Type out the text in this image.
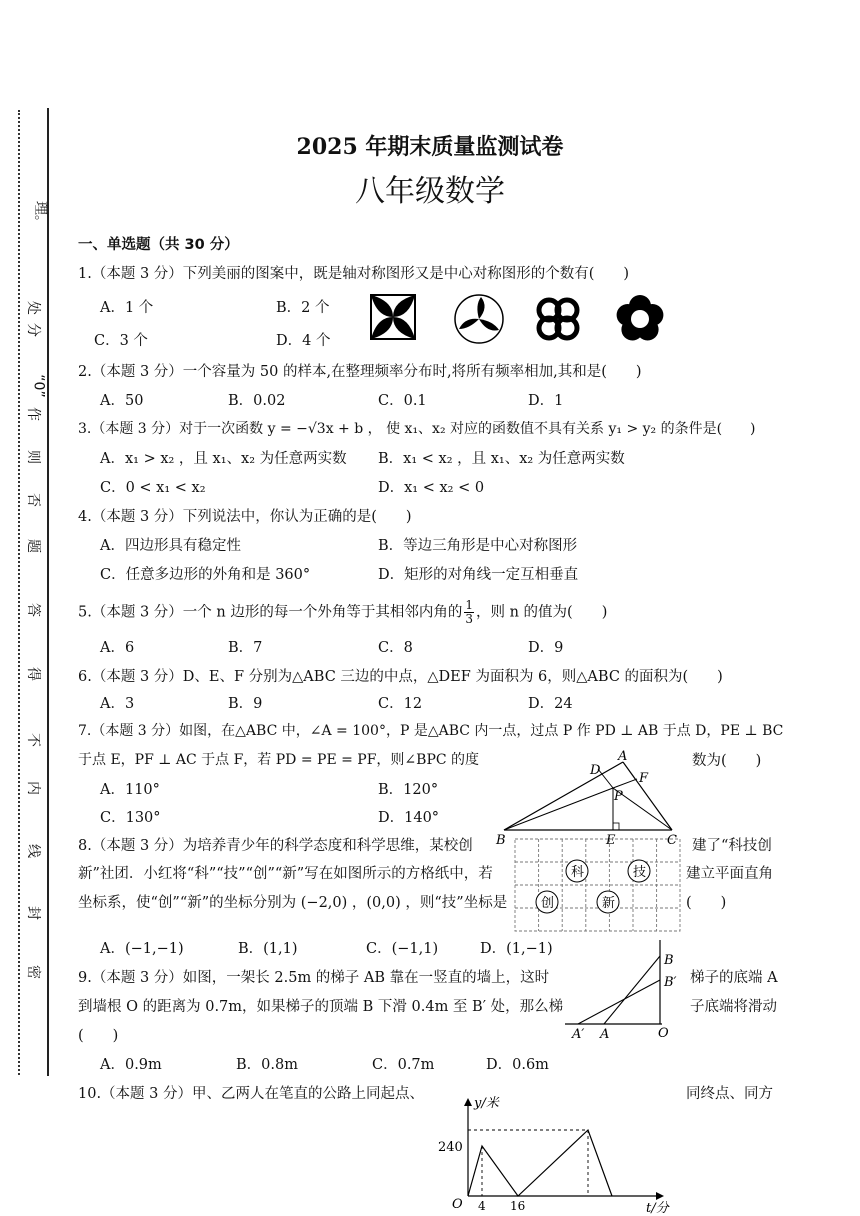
理。
处
分
“0”
作
则
否
题
答
得
不
内
线
封
密
2025 年期末质量监测试卷
八年级数学
一、单选题（共 30 分）
1.（本题 3 分）下列美丽的图案中，既是轴对称图形又是中心对称图形的个数有(　　)
A．1 个	B．2 个
C．3 个	D．4 个
2.（本题 3 分）一个容量为 50 的样本,在整理频率分布时,将所有频率相加,其和是(　　)
A．50	B．0.02	C．0.1	D．1
3.（本题 3 分）对于一次函数 y = −√3x + b ， 使 x₁、x₂ 对应的函数值不具有关系 y₁ > y₂ 的条件是(　　)
A．x₁ > x₂ ，且 x₁、x₂ 为任意两实数 B．x₁ < x₂ ，且 x₁、x₂ 为任意两实数
C．0 < x₁ < x₂	D．x₁ < x₂ < 0
4.（本题 3 分）下列说法中，你认为正确的是(　　)
A．四边形具有稳定性	B．等边三角形是中心对称图形
C．任意多边形的外角和是 360°	D．矩形的对角线一定互相垂直
5.（本题 3 分）一个 n 边形的每一个外角等于其相邻内角的 $\frac{1}{3}$ ，则 n 的值为(　　)
A．6	B．7	C．8	D．9
6.（本题 3 分）D、E、F 分别为△ABC 三边的中点，△DEF 为面积为 6，则△ABC 的面积为(　　)
A．3	B．9	C．12	D．24
7.（本题 3 分）如图，在△ABC 中，∠A = 100°，P 是△ABC 内一点，过点 P 作 PD ⊥ AB 于点 D，PE ⊥ BC
于点 E，PF ⊥ AC 于点 F，若 PD = PE = PF，则∠BPC 的度	数为(　　)
A．110°	B．120°
C．130°	D．140°
A
B	C
D
E
F
P
8.（本题 3 分）为培养青少年的科学态度和科学思维，某校创	建了“科技创
新”社团．小红将“科”“技”“创”“新”写在如图所示的方格纸中，若	建立平面直角
坐标系，使“创”“新”的坐标分别为 (−2,0) ，(0,0) ，则“技”坐标是	(　　)
A．(−1,−1)	B．(1,1)	C．(−1,1)	D．(1,−1)
科	技
创	新
9.（本题 3 分）如图，一架长 2.5m 的梯子 AB 靠在一竖直的墙上，这时	梯子的底端 A
到墙根 O 的距离为 0.7m，如果梯子的顶端 B 下滑 0.4m 至 B′ 处，那么梯	子底端将滑动
(　　)
A．0.9m	B．0.8m	C．0.7m	D．0.6m
B
B′
A′ A	O
10.（本题 3 分）甲、乙两人在笔直的公路上同起点、	同终点、同方
y/米
240
O 4 16	t/分
